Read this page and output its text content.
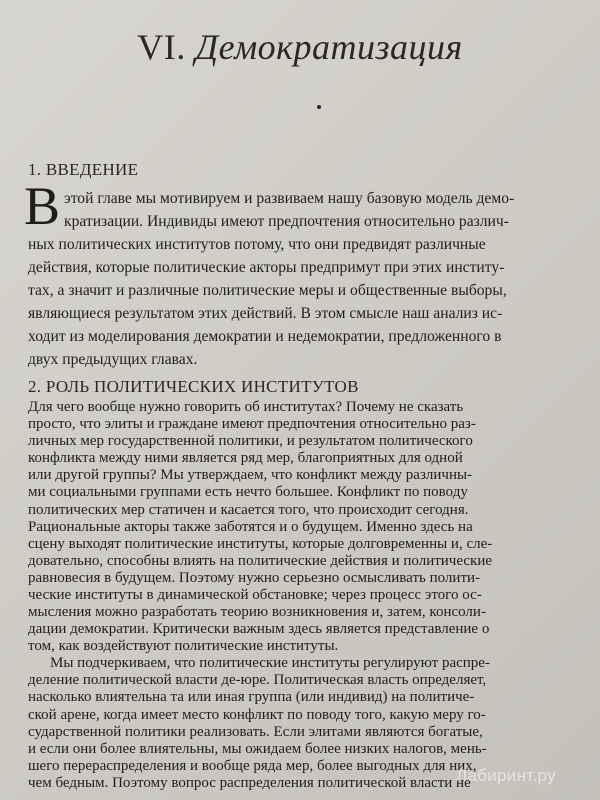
VI. Демократизация
1. ВВЕДЕНИЕ
В этой главе мы мотивируем и развиваем нашу базовую модель демо-
кратизации. Индивиды имеют предпочтения относительно различ-
ных политических институтов потому, что они предвидят различные
действия, которые политические акторы предпримут при этих институ-
тах, а значит и различные политические меры и общественные выборы,
являющиеся результатом этих действий. В этом смысле наш анализ ис-
ходит из моделирования демократии и недемократии, предложенного в
двух предыдущих главах.
2. РОЛЬ ПОЛИТИЧЕСКИХ ИНСТИТУТОВ
Для чего вообще нужно говорить об институтах? Почему не сказать
просто, что элиты и граждане имеют предпочтения относительно раз-
личных мер государственной политики, и результатом политического
конфликта между ними является ряд мер, благоприятных для одной
или другой группы? Мы утверждаем, что конфликт между различны-
ми социальными группами есть нечто большее. Конфликт по поводу
политических мер статичен и касается того, что происходит сегодня.
Рациональные акторы также заботятся и о будущем. Именно здесь на
сцену выходят политические институты, которые долговременны и, сле-
довательно, способны влиять на политические действия и политические
равновесия в будущем. Поэтому нужно серьезно осмысливать полити-
ческие институты в динамической обстановке; через процесс этого ос-
мысления можно разработать теорию возникновения и, затем, консоли-
дации демократии. Критически важным здесь является представление о
том, как воздействуют политические институты.
Мы подчеркиваем, что политические институты регулируют распре-
деление политической власти де-юре. Политическая власть определяет,
насколько влиятельна та или иная группа (или индивид) на политиче-
ской арене, когда имеет место конфликт по поводу того, какую меру го-
сударственной политики реализовать. Если элитами являются богатые,
и если они более влиятельны, мы ожидаем более низких налогов, мень-
шего перераспределения и вообще ряда мер, более выгодных для них,
чем бедным. Поэтому вопрос распределения политической власти не
Лабиринт.ру
